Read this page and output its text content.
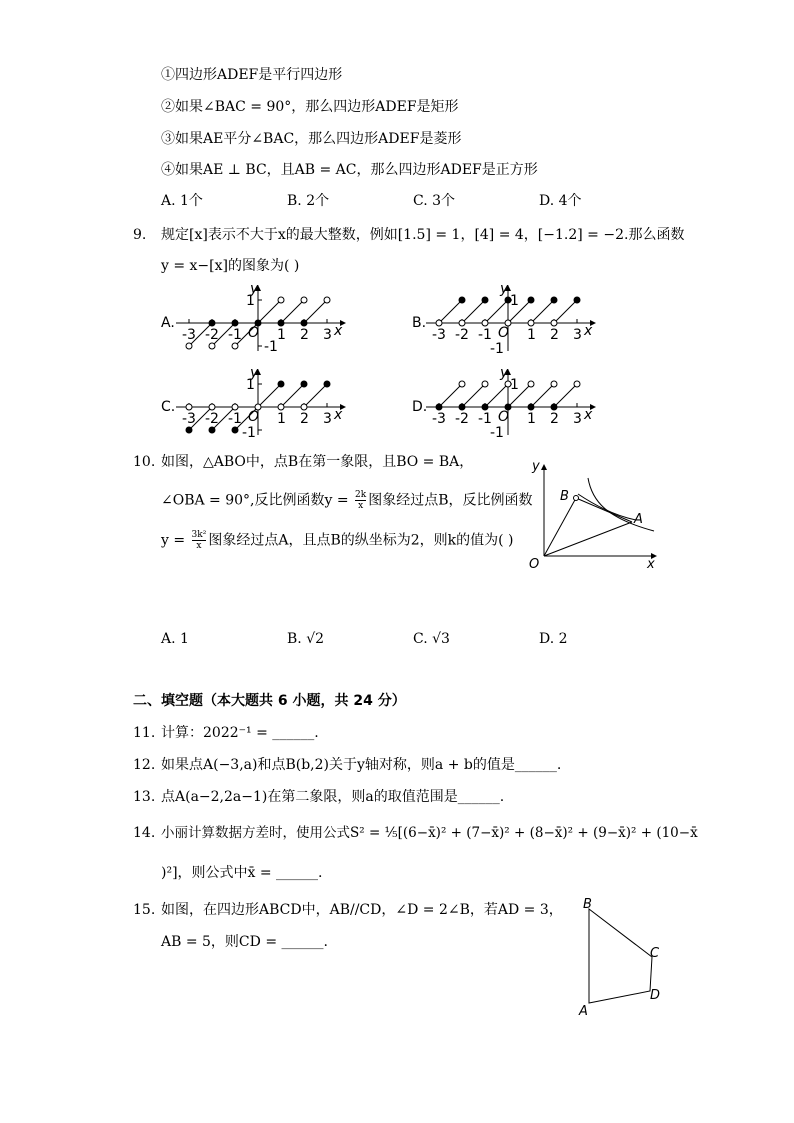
①四边形ADEF是平行四边形
②如果∠BAC = 90°，那么四边形ADEF是矩形
③如果AE平分∠BAC，那么四边形ADEF是菱形
④如果AE ⊥ BC，且AB = AC，那么四边形ADEF是正方形
A. 1个	B. 2个	C. 3个	D. 4个
9. 规定[x]表示不大于x的最大整数，例如[1.5] = 1，[4] = 4，[−1.2] = −2.那么函数
y = x−[x]的图象为( )
y
x
1
-1
O
-3 -2 -1	1 2 3
A.
y
x
1
-1
O
-3 -2 -1	1 2 3
B.
y
x
1
-1
O
-3 -2 -1	1 2 3
C.
y
x
1
-1
O
-3 -2 -1	1 2 3
D.
10. 如图，△ABO中，点B在第一象限，且BO = BA，
∠OBA = 90°,反比例函数$y = \frac{2k}{x}$ 图象经过点B，反比例函数
$y = \frac{\text{3k²}}{x}$ 图象经过点A，且点B的纵坐标为2，则k的值为( )
y
x
O
B
A
A. 1	B. √2	C. √3	D. 2
二、填空题（本大题共 6 小题，共 24 分）
11. 计算：2022⁻¹ = ______.
12. 如果点A(−3,a)和点B(b,2)关于y轴对称，则a + b的值是______.
13. 点A(a−2,2a−1)在第二象限，则a的取值范围是______.
14. 小丽计算数据方差时，使用公式S² = ⅕[(6−x̄)² + (7−x̄)² + (8−x̄)² + (9−x̄)² + (10−x̄
)²]，则公式中x̄ = ______.
15. 如图，在四边形ABCD中，AB//CD，∠D = 2∠B，若AD = 3，
AB = 5，则CD = ______.
B
C
D
A
